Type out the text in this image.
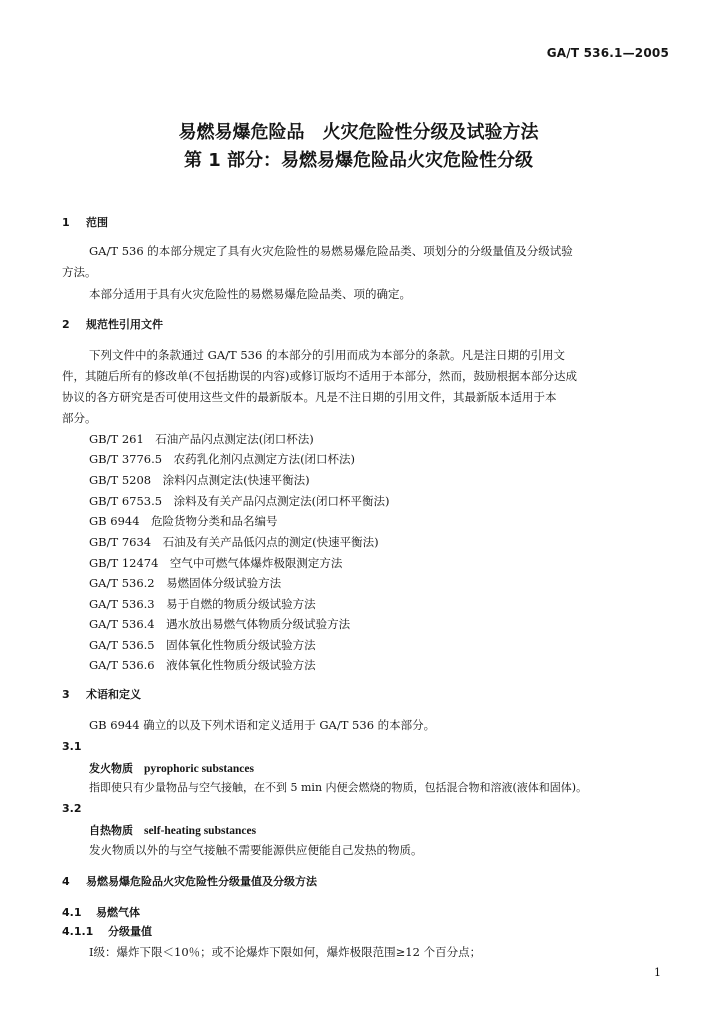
GA/T 536.1—2005
易燃易爆危险品　火灾危险性分级及试验方法
第 1 部分：易燃易爆危险品火灾危险性分级
1 范围
GA/T 536 的本部分规定了具有火灾危险性的易燃易爆危险品类、项划分的分级量值及分级试验
方法。
本部分适用于具有火灾危险性的易燃易爆危险品类、项的确定。
2 规范性引用文件
下列文件中的条款通过 GA/T 536 的本部分的引用而成为本部分的条款。凡是注日期的引用文
件，其随后所有的修改单(不包括勘误的内容)或修订版均不适用于本部分，然而，鼓励根据本部分达成
协议的各方研究是否可使用这些文件的最新版本。凡是不注日期的引用文件，其最新版本适用于本
部分。
GB/T 261　石油产品闪点测定法(闭口杯法)
GB/T 3776.5　农药乳化剂闪点测定方法(闭口杯法)
GB/T 5208　涂料闪点测定法(快速平衡法)
GB/T 6753.5　涂料及有关产品闪点测定法(闭口杯平衡法)
GB 6944　危险货物分类和品名编号
GB/T 7634　石油及有关产品低闪点的测定(快速平衡法)
GB/T 12474　空气中可燃气体爆炸极限测定方法
GA/T 536.2　易燃固体分级试验方法
GA/T 536.3　易于自燃的物质分级试验方法
GA/T 536.4　遇水放出易燃气体物质分级试验方法
GA/T 536.5　固体氧化性物质分级试验方法
GA/T 536.6　液体氧化性物质分级试验方法
3 术语和定义
GB 6944 确立的以及下列术语和定义适用于 GA/T 536 的本部分。
3.1
发火物质 pyrophoric substances
指即使只有少量物品与空气接触，在不到 5 min 内便会燃烧的物质，包括混合物和溶液(液体和固体)。
3.2
自热物质 self-heating substances
发火物质以外的与空气接触不需要能源供应便能自己发热的物质。
4 易燃易爆危险品火灾危险性分级量值及分级方法
4.1 易燃气体
4.1.1 分级量值
Ⅰ级：爆炸下限＜10％；或不论爆炸下限如何，爆炸极限范围≥12 个百分点；
1
